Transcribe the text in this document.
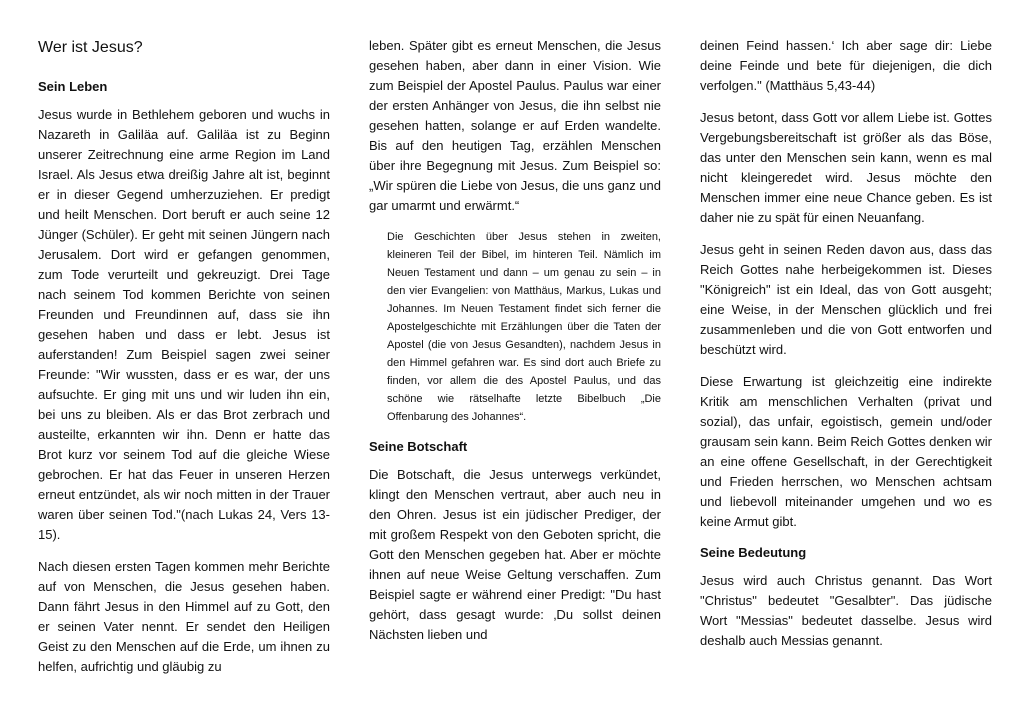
Wer ist Jesus?
Sein Leben

Jesus wurde in Bethlehem geboren und wuchs in Nazareth in Galiläa auf. Galiläa ist zu Beginn unserer Zeitrechnung eine arme Region im Land Israel. Als Jesus etwa dreißig Jahre alt ist, beginnt er in dieser Gegend umherzuziehen. Er predigt und heilt Menschen. Dort beruft er auch seine 12 Jünger (Schüler). Er geht mit seinen Jüngern nach Jerusalem. Dort wird er gefangen genommen, zum Tode verurteilt und gekreuzigt. Drei Tage nach seinem Tod kommen Berichte von seinen Freunden und Freundinnen auf, dass sie ihn gesehen haben und dass er lebt. Jesus ist auferstanden! Zum Beispiel sagen zwei seiner Freunde: "Wir wussten, dass er es war, der uns aufsuchte. Er ging mit uns und wir luden ihn ein, bei uns zu bleiben. Als er das Brot zerbrach und austeilte, erkannten wir ihn. Denn er hatte das Brot kurz vor seinem Tod auf die gleiche Wiese gebrochen. Er hat das Feuer in unseren Herzen erneut entzündet, als wir noch mitten in der Trauer waren über seinen Tod."(nach Lukas 24, Vers 13-15).

Nach diesen ersten Tagen kommen mehr Berichte auf von Menschen, die Jesus gesehen haben. Dann fährt Jesus in den Himmel auf zu Gott, den er seinen Vater nennt. Er sendet den Heiligen Geist zu den Menschen auf die Erde, um ihnen zu helfen, aufrichtig und gläubig zu

leben. Später gibt es erneut Menschen, die Jesus gesehen haben, aber dann in einer Vision. Wie zum Beispiel der Apostel Paulus. Paulus war einer der ersten Anhänger von Jesus, die ihn selbst nie gesehen hatten, solange er auf Erden wandelte. Bis auf den heutigen Tag, erzählen Menschen über ihre Begegnung mit Jesus. Zum Beispiel so: „Wir spüren die Liebe von Jesus, die uns ganz und gar umarmt und erwärmt.“

Die Geschichten über Jesus stehen in zweiten, kleineren Teil der Bibel, im hinteren Teil. Nämlich im Neuen Testament und dann – um genau zu sein – in den vier Evangelien: von Matthäus, Markus, Lukas und Johannes. Im Neuen Testament findet sich ferner die Apostelgeschichte mit Erzählungen über die Taten der Apostel (die von Jesus Gesandten), nachdem Jesus in den Himmel gefahren war. Es sind dort auch Briefe zu finden, vor allem die des Apostel Paulus, und das schöne wie rätselhafte letzte Bibelbuch „Die Offenbarung des Johannes“.

Seine Botschaft

Die Botschaft, die Jesus unterwegs verkündet, klingt den Menschen vertraut, aber auch neu in den Ohren. Jesus ist ein jüdischer Prediger, der mit großem Respekt von den Geboten spricht, die Gott den Menschen gegeben hat. Aber er möchte ihnen auf neue Weise Geltung verschaffen. Zum Beispiel sagte er während einer Predigt: "Du hast gehört, dass gesagt wurde: ‚Du sollst deinen Nächsten lieben und

deinen Feind hassen.‘ Ich aber sage dir: Liebe deine Feinde und bete für diejenigen, die dich verfolgen." (Matthäus 5,43-44)

Jesus betont, dass Gott vor allem Liebe ist. Gottes Vergebungsbereitschaft ist größer als das Böse, das unter den Menschen sein kann, wenn es mal nicht kleingeredet wird. Jesus möchte den Menschen immer eine neue Chance geben. Es ist daher nie zu spät für einen Neuanfang.

Jesus geht in seinen Reden davon aus, dass das Reich Gottes nahe herbeigekommen ist. Dieses "Königreich" ist ein Ideal, das von Gott ausgeht; eine Weise, in der Menschen glücklich und frei zusammenleben und die von Gott entworfen und beschützt wird.

Diese Erwartung ist gleichzeitig eine indirekte Kritik am menschlichen Verhalten (privat und sozial), das unfair, egoistisch, gemein und/oder grausam sein kann. Beim Reich Gottes denken wir an eine offene Gesellschaft, in der Gerechtigkeit und Frieden herrschen, wo Menschen achtsam und liebevoll miteinander umgehen und wo es keine Armut gibt.

Seine Bedeutung

Jesus wird auch Christus genannt. Das Wort "Christus" bedeutet "Gesalbter". Das jüdische Wort "Messias" bedeutet dasselbe. Jesus wird deshalb auch Messias genannt.
